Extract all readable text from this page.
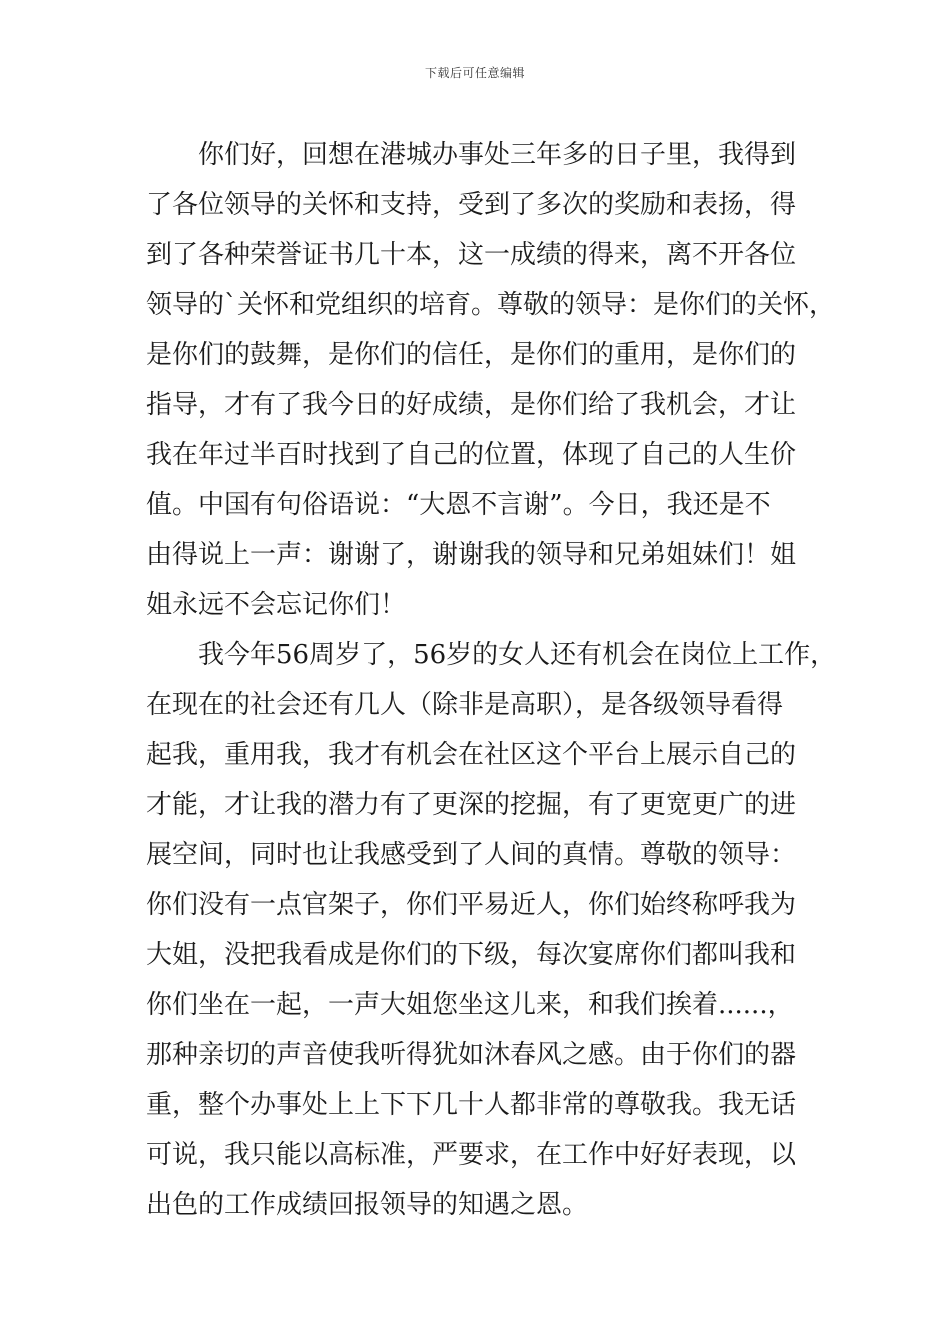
下载后可任意编辑
你们好，回想在港城办事处三年多的日子里，我得到
了各位领导的关怀和支持，受到了多次的奖励和表扬，得
到了各种荣誉证书几十本，这一成绩的得来，离不开各位
领导的`关怀和党组织的培育。尊敬的领导：是你们的关怀，
是你们的鼓舞，是你们的信任，是你们的重用，是你们的
指导，才有了我今日的好成绩，是你们给了我机会，才让
我在年过半百时找到了自己的位置，体现了自己的人生价
值。中国有句俗语说：“大恩不言谢”。今日，我还是不
由得说上一声：谢谢了，谢谢我的领导和兄弟姐妹们！姐
姐永远不会忘记你们！
我今年56周岁了，56岁的女人还有机会在岗位上工作，
在现在的社会还有几人（除非是高职），是各级领导看得
起我，重用我，我才有机会在社区这个平台上展示自己的
才能，才让我的潜力有了更深的挖掘，有了更宽更广的进
展空间，同时也让我感受到了人间的真情。尊敬的领导：
你们没有一点官架子，你们平易近人，你们始终称呼我为
大姐，没把我看成是你们的下级，每次宴席你们都叫我和
你们坐在一起，一声大姐您坐这儿来，和我们挨着......，
那种亲切的声音使我听得犹如沐春风之感。由于你们的器
重，整个办事处上上下下几十人都非常的尊敬我。我无话
可说，我只能以高标准，严要求，在工作中好好表现，以
出色的工作成绩回报领导的知遇之恩。
